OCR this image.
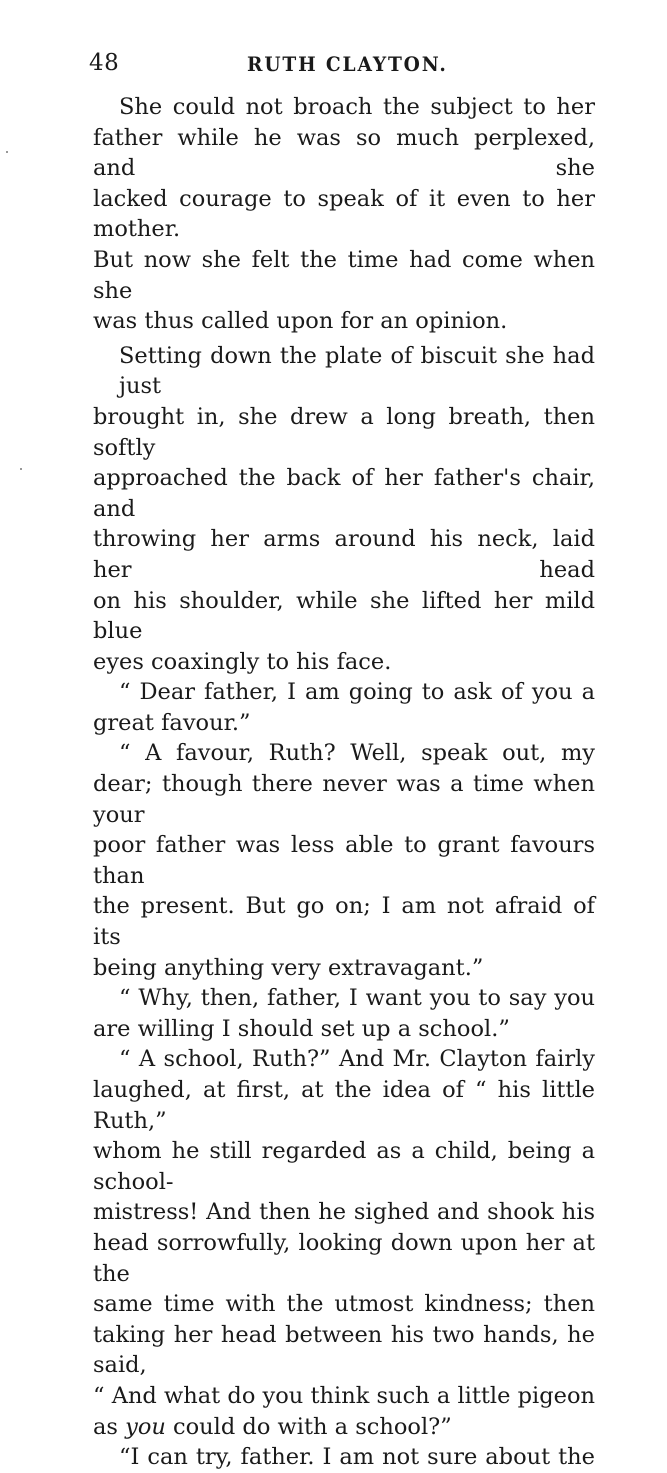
48	RUTH CLAYTON.

She could not broach the subject to her
father while he was so much perplexed, and she
lacked courage to speak of it even to her mother.
But now she felt the time had come when she
was thus called upon for an opinion.

Setting down the plate of biscuit she had just
brought in, she drew a long breath, then softly
approached the back of her father's chair, and
throwing her arms around his neck, laid her head
on his shoulder, while she lifted her mild blue
eyes coaxingly to his face.

“ Dear father, I am going to ask of you a
great favour.”

“ A favour, Ruth? Well, speak out, my
dear; though there never was a time when your
poor father was less able to grant favours than
the present. But go on; I am not afraid of its
being anything very extravagant.”

“ Why, then, father, I want you to say you
are willing I should set up a school.”

“ A school, Ruth?” And Mr. Clayton fairly
laughed, at first, at the idea of “ his little Ruth,”
whom he still regarded as a child, being a school-
mistress! And then he sighed and shook his
head sorrowfully, looking down upon her at the
same time with the utmost kindness; then
taking her head between his two hands, he said,
“ And what do you think such a little pigeon
as you could do with a school?”

“I can try, father. I am not sure about the
